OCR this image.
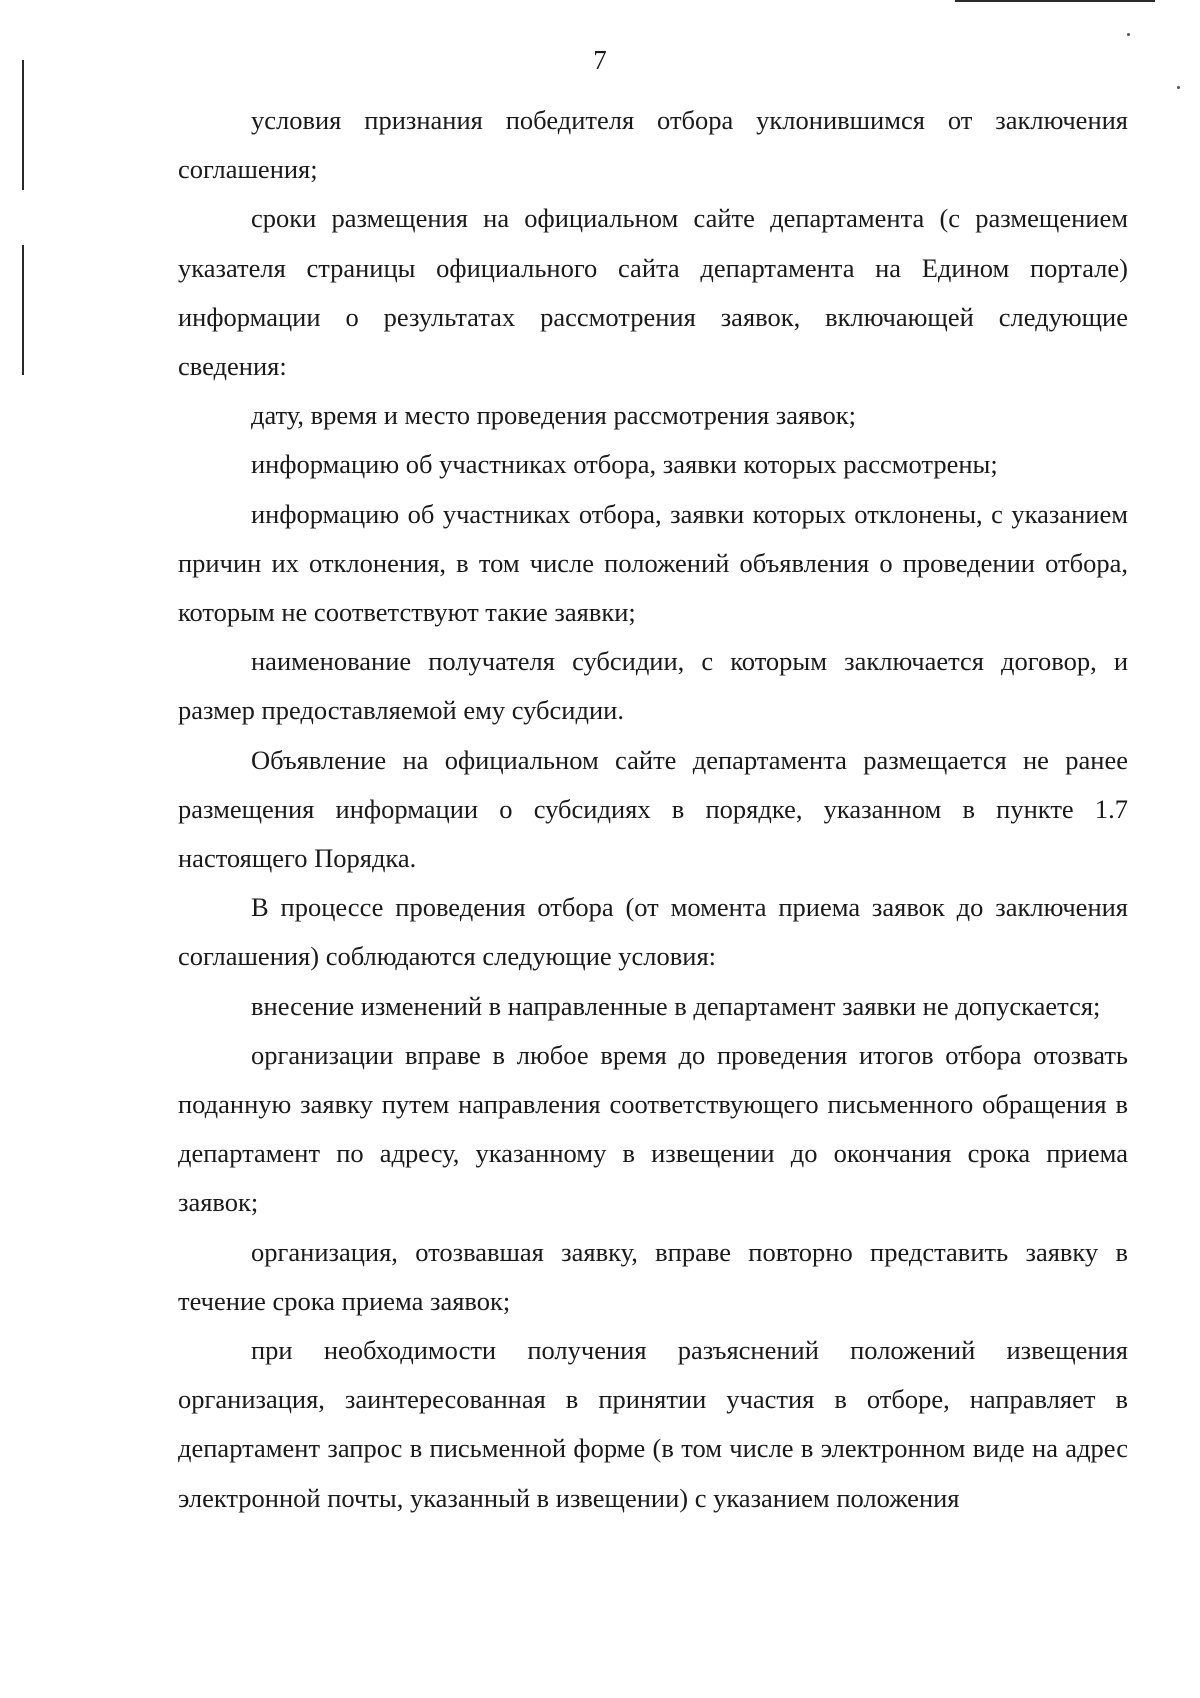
7

условия признания победителя отбора уклонившимся от заключения соглашения;

сроки размещения на официальном сайте департамента (с размещением указателя страницы официального сайта департамента на Едином портале) информации о результатах рассмотрения заявок, включающей следующие сведения:

дату, время и место проведения рассмотрения заявок;

информацию об участниках отбора, заявки которых рассмотрены;

информацию об участниках отбора, заявки которых отклонены, с указанием причин их отклонения, в том числе положений объявления о проведении отбора, которым не соответствуют такие заявки;

наименование получателя субсидии, с которым заключается договор, и размер предоставляемой ему субсидии.

Объявление на официальном сайте департамента размещается не ранее размещения информации о субсидиях в порядке, указанном в пункте 1.7 настоящего Порядка.

В процессе проведения отбора (от момента приема заявок до заключения соглашения) соблюдаются следующие условия:

внесение изменений в направленные в департамент заявки не допускается;

организации вправе в любое время до проведения итогов отбора отозвать поданную заявку путем направления соответствующего письменного обращения в департамент по адресу, указанному в извещении до окончания срока приема заявок;

организация, отозвавшая заявку, вправе повторно представить заявку в течение срока приема заявок;

при необходимости получения разъяснений положений извещения организация, заинтересованная в принятии участия в отборе, направляет в департамент запрос в письменной форме (в том числе в электронном виде на адрес электронной почты, указанный в извещении) с указанием положения
